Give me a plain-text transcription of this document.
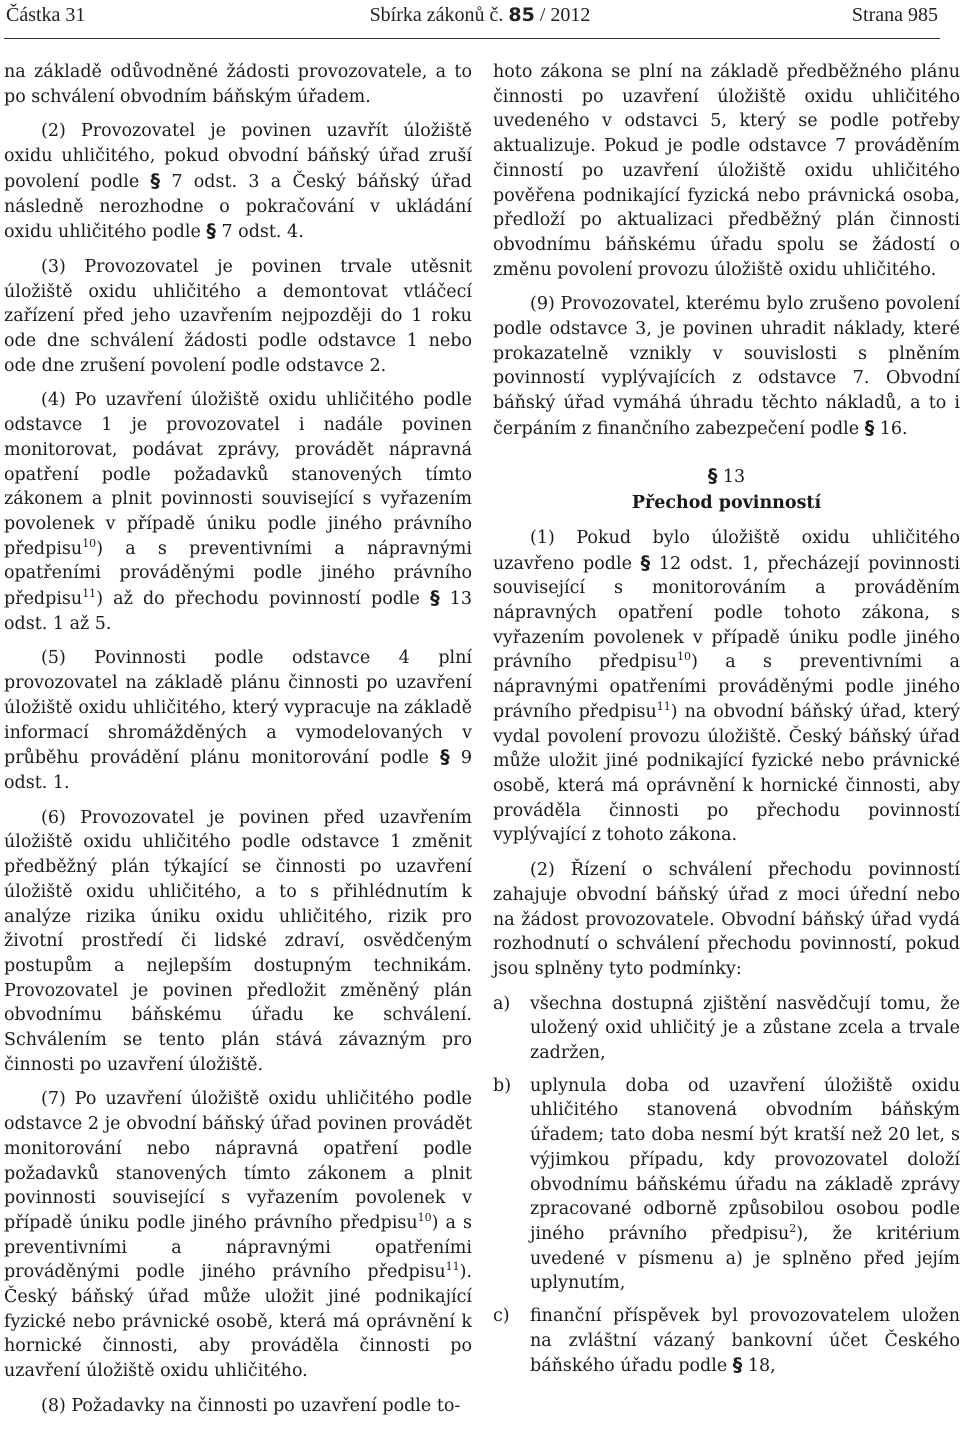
Částka 31	Sbírka zákonů č. 85 / 2012	Strana 985

na základě odůvodněné žádosti provozovatele, a to po schválení obvodním báňským úřadem.

(2) Provozovatel je povinen uzavřít úložiště oxidu uhličitého, pokud obvodní báňský úřad zruší povolení podle § 7 odst. 3 a Český báňský úřad následně nerozhodne o pokračování v ukládání oxidu uhličitého podle § 7 odst. 4.

(3) Provozovatel je povinen trvale utěsnit úložiště oxidu uhličitého a demontovat vtláčecí zařízení před jeho uzavřením nejpozději do 1 roku ode dne schválení žádosti podle odstavce 1 nebo ode dne zrušení povolení podle odstavce 2.

(4) Po uzavření úložiště oxidu uhličitého podle odstavce 1 je provozovatel i nadále povinen monitorovat, podávat zprávy, provádět nápravná opatření podle požadavků stanovených tímto zákonem a plnit povinnosti související s vyřazením povolenek v případě úniku podle jiného právního předpisu$^{10}$) a s preventivními a nápravnými opatřeními prováděnými podle jiného právního předpisu$^{11}$) až do přechodu povinností podle § 13 odst. 1 až 5.

(5) Povinnosti podle odstavce 4 plní provozovatel na základě plánu činnosti po uzavření úložiště oxidu uhličitého, který vypracuje na základě informací shromážděných a vymodelovaných v průběhu provádění plánu monitorování podle § 9 odst. 1.

(6) Provozovatel je povinen před uzavřením úložiště oxidu uhličitého podle odstavce 1 změnit předběžný plán týkající se činnosti po uzavření úložiště oxidu uhličitého, a to s přihlédnutím k analýze rizika úniku oxidu uhličitého, rizik pro životní prostředí či lidské zdraví, osvědčeným postupům a nejlepším dostupným technikám. Provozovatel je povinen předložit změněný plán obvodnímu báňskému úřadu ke schválení. Schválením se tento plán stává závazným pro činnosti po uzavření úložiště.

(7) Po uzavření úložiště oxidu uhličitého podle odstavce 2 je obvodní báňský úřad povinen provádět monitorování nebo nápravná opatření podle požadavků stanovených tímto zákonem a plnit povinnosti související s vyřazením povolenek v případě úniku podle jiného právního předpisu$^{10}$) a s preventivními a nápravnými opatřeními prováděnými podle jiného právního předpisu$^{11}$). Český báňský úřad může uložit jiné podnikající fyzické nebo právnické osobě, která má oprávnění k hornické činnosti, aby prováděla činnosti po uzavření úložiště oxidu uhličitého.

(8) Požadavky na činnosti po uzavření podle to-

hoto zákona se plní na základě předběžného plánu činnosti po uzavření úložiště oxidu uhličitého uvedeného v odstavci 5, který se podle potřeby aktualizuje. Pokud je podle odstavce 7 prováděním činností po uzavření úložiště oxidu uhličitého pověřena podnikající fyzická nebo právnická osoba, předloží po aktualizaci předběžný plán činnosti obvodnímu báňskému úřadu spolu se žádostí o změnu povolení provozu úložiště oxidu uhličitého.

(9) Provozovatel, kterému bylo zrušeno povolení podle odstavce 3, je povinen uhradit náklady, které prokazatelně vznikly v souvislosti s plněním povinností vyplývajících z odstavce 7. Obvodní báňský úřad vymáhá úhradu těchto nákladů, a to i čerpáním z finančního zabezpečení podle § 16.

§ 13
Přechod povinností

(1) Pokud bylo úložiště oxidu uhličitého uzavřeno podle § 12 odst. 1, přecházejí povinnosti související s monitorováním a prováděním nápravných opatření podle tohoto zákona, s vyřazením povolenek v případě úniku podle jiného právního předpisu$^{10}$) a s preventivními a nápravnými opatřeními prováděnými podle jiného právního předpisu$^{11}$) na obvodní báňský úřad, který vydal povolení provozu úložiště. Český báňský úřad může uložit jiné podnikající fyzické nebo právnické osobě, která má oprávnění k hornické činnosti, aby prováděla činnosti po přechodu povinností vyplývající z tohoto zákona.

(2) Řízení o schválení přechodu povinností zahajuje obvodní báňský úřad z moci úřední nebo na žádost provozovatele. Obvodní báňský úřad vydá rozhodnutí o schválení přechodu povinností, pokud jsou splněny tyto podmínky:

a) všechna dostupná zjištění nasvědčují tomu, že uložený oxid uhličitý je a zůstane zcela a trvale zadržen,
b) uplynula doba od uzavření úložiště oxidu uhličitého stanovená obvodním báňským úřadem; tato doba nesmí být kratší než 20 let, s výjimkou případu, kdy provozovatel doloží obvodnímu báňskému úřadu na základě zprávy zpracované odborně způsobilou osobou podle jiného právního předpisu$^2$), že kritérium uvedené v písmenu a) je splněno před jejím uplynutím,
c) finanční příspěvek byl provozovatelem uložen na zvláštní vázaný bankovní účet Českého báňského úřadu podle § 18,
